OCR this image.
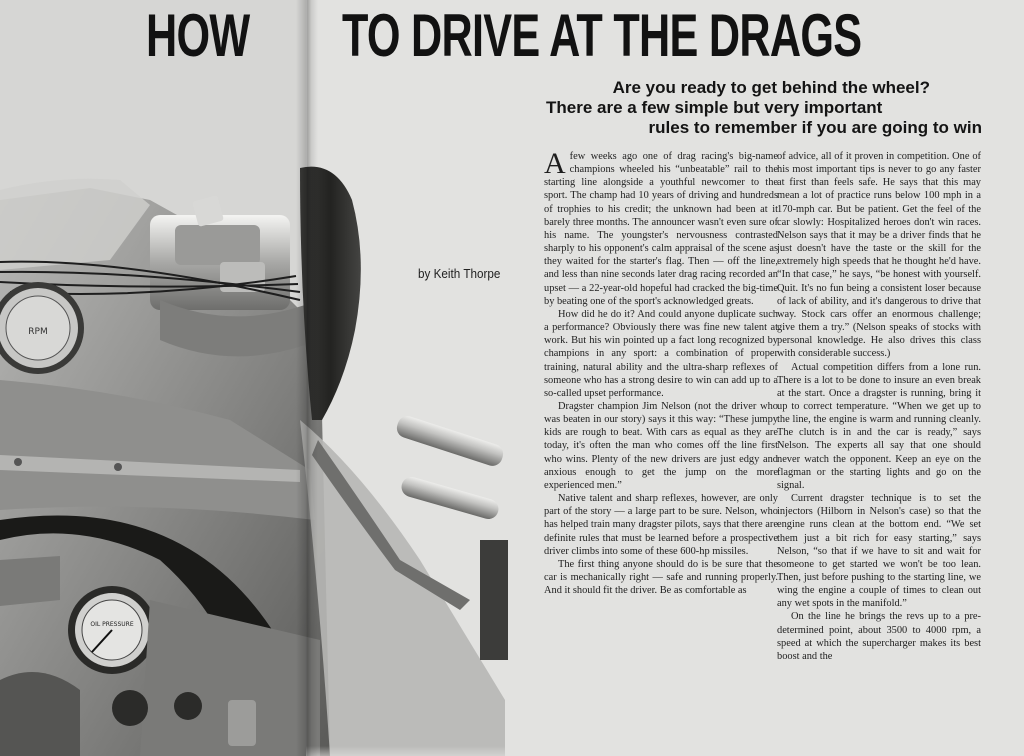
RPM
OIL PRESSURE
HOW TO DRIVE AT THE DRAGS
Are you ready to get behind the wheel?
There are a few simple but very important
rules to remember if you are going to win
by Keith Thorpe

Afew weeks ago one of drag racing's big-name champions wheeled his “unbeatable” rail to the starting line alongside a youthful newcomer to the sport. The champ had 10 years of driving and hundreds of trophies to his credit; the unknown had been at it barely three months. The announcer wasn't even sure of his name. The youngster's nervousness contrasted sharply to his opponent's calm appraisal of the scene as they waited for the starter's flag. Then — off the line, and less than nine seconds later drag racing recorded an upset — a 22-year-old hopeful had cracked the big-time by beating one of the sport's acknowledged greats.

How did he do it? And could anyone duplicate such a performance? Obviously there was fine new talent at work. But his win pointed up a fact long recognized by champions in any sport: a combination of proper training, natural ability and the ultra-sharp reflexes of someone who has a strong desire to win can add up to a so-called upset performance.

Dragster champion Jim Nelson (not the driver who was beaten in our story) says it this way: “These jumpy kids are rough to beat. With cars as equal as they are today, it's often the man who comes off the line first who wins. Plenty of the new drivers are just edgy and anxious enough to get the jump on the more experienced men.”

Native talent and sharp reflexes, however, are only part of the story — a large part to be sure. Nelson, who has helped train many dragster pilots, says that there are definite rules that must be learned before a prospective driver climbs into some of these 600-hp missiles.

The first thing anyone should do is be sure that the car is mechanically right — safe and running properly. And it should fit the driver. Be as comfortable as

of advice, all of it proven in competition. One of his most important tips is never to go any faster at first than feels safe. He says that this may mean a lot of practice runs below 100 mph in a 170-mph car. But be patient. Get the feel of the car slowly: Hospitalized heroes don't win races. Nelson says that it may be a driver finds that he just doesn't have the taste or the skill for the extremely high speeds that he thought he'd have. “In that case,” he says, “be honest with yourself. Quit. It's no fun being a consistent loser because of lack of ability, and it's dangerous to drive that way. Stock cars offer an enormous challenge; give them a try.” (Nelson speaks of stocks with personal knowledge. He also drives this class with considerable success.)

Actual competition differs from a lone run. There is a lot to be done to insure an even break at the start. Once a dragster is running, bring it up to correct temperature. “When we get up to the line, the engine is warm and running cleanly. The clutch is in and the car is ready,” says Nelson. The experts all say that one should never watch the opponent. Keep an eye on the flagman or the starting lights and go on the signal.

Current dragster technique is to set the injectors (Hilborn in Nelson's case) so that the engine runs clean at the bottom end. “We set them just a bit rich for easy starting,” says Nelson, “so that if we have to sit and wait for someone to get started we won't be too lean. Then, just before pushing to the starting line, we wing the engine a couple of times to clean out any wet spots in the manifold.”

On the line he brings the revs up to a pre-determined point, about 3500 to 4000 rpm, a speed at which the supercharger makes its best boost and the
